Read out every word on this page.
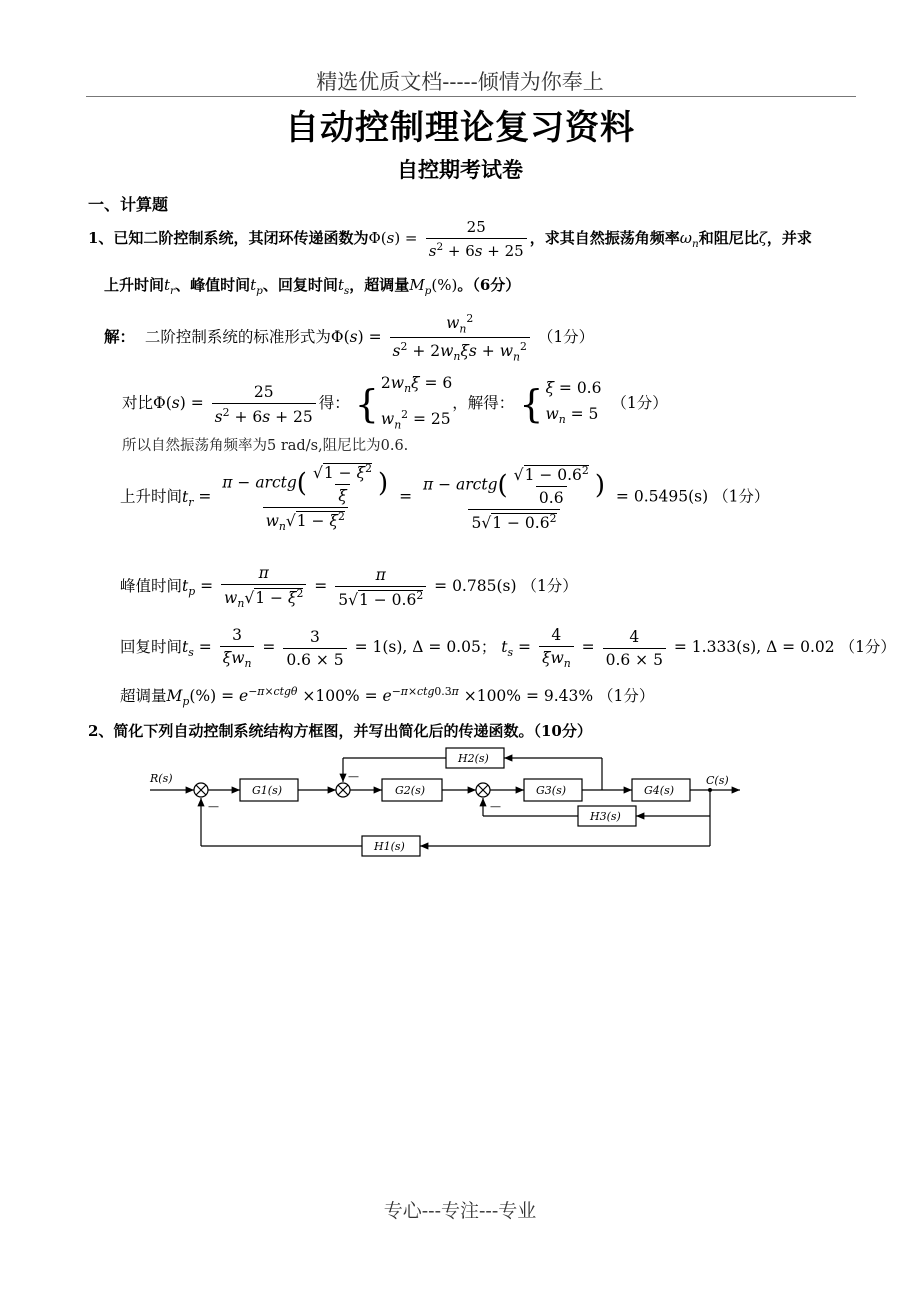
精选优质文档-----倾情为你奉上
自动控制理论复习资料
自控期考试卷
一、计算题
1、已知二阶控制系统，其闭环传递函数为$\Phi(s) = \frac{25}{s^2 + 6s + 25}$ ，求其自然振荡角频率$\omega_n$和阻尼比ζ，并求
上升时间$t_r$、峰值时间$t_p$、回复时间$t_s$，超调量$M_p(\%)$。（6分）
解： 二阶控制系统的标准形式为$\Phi(s) = \frac{w_n^2}{s^2 + 2w_n\xi s + w_n^2} (1$分）
对比$\Phi(s) = \frac{25}{s^2 + 6s + 25}$ 得： { $2w_n\xi = 6$
$w_n^2 = 25$
，解得： { ξ = 0.6
$w_n = 5$
（1分）
所以自然振荡角频率为5 rad/s,阻尼比为0.6.
上升时间$t_r = \frac{\pi - arctg( \frac{√1 - \xi^2}{\xi} )}{w_n√1 - \xi^2} = \frac{\pi - arctg( \frac{√1 - 0.6^2}{0.6} )}{5√1 - 0.6^2} = 0.5495(s)$ （1分）
峰值时间$t_p = \frac{\pi}{w_n√1 - \xi^2} = \frac{\pi}{5√1 - 0.6^2} = 0.785(s)$ （1分）
回复时间$t_s = \frac{3}{\xi w_n} = \frac{3}{0.6 \times 5} = 1(s)$, Δ = 0.05； $t_s = \frac{4}{\xi w_n} = \frac{4}{0.6 \times 5} = 1.333(s)$, Δ = 0.02 （1分）
超调量$M_p(\%) = e^{-\pi\times ctg\theta} \times 100\% = e^{-\pi\times ctg0.3\pi} \times 100\% = 9.43\%$ （1分）
2、简化下列自动控制系统结构方框图，并写出简化后的传递函数。（10分）
R(s)	C(s)
G1(s)	G2(s)	G3(s)	G4(s)
H2(s)
H3(s)
H1(s)
—
—
—
专心---专注---专业
